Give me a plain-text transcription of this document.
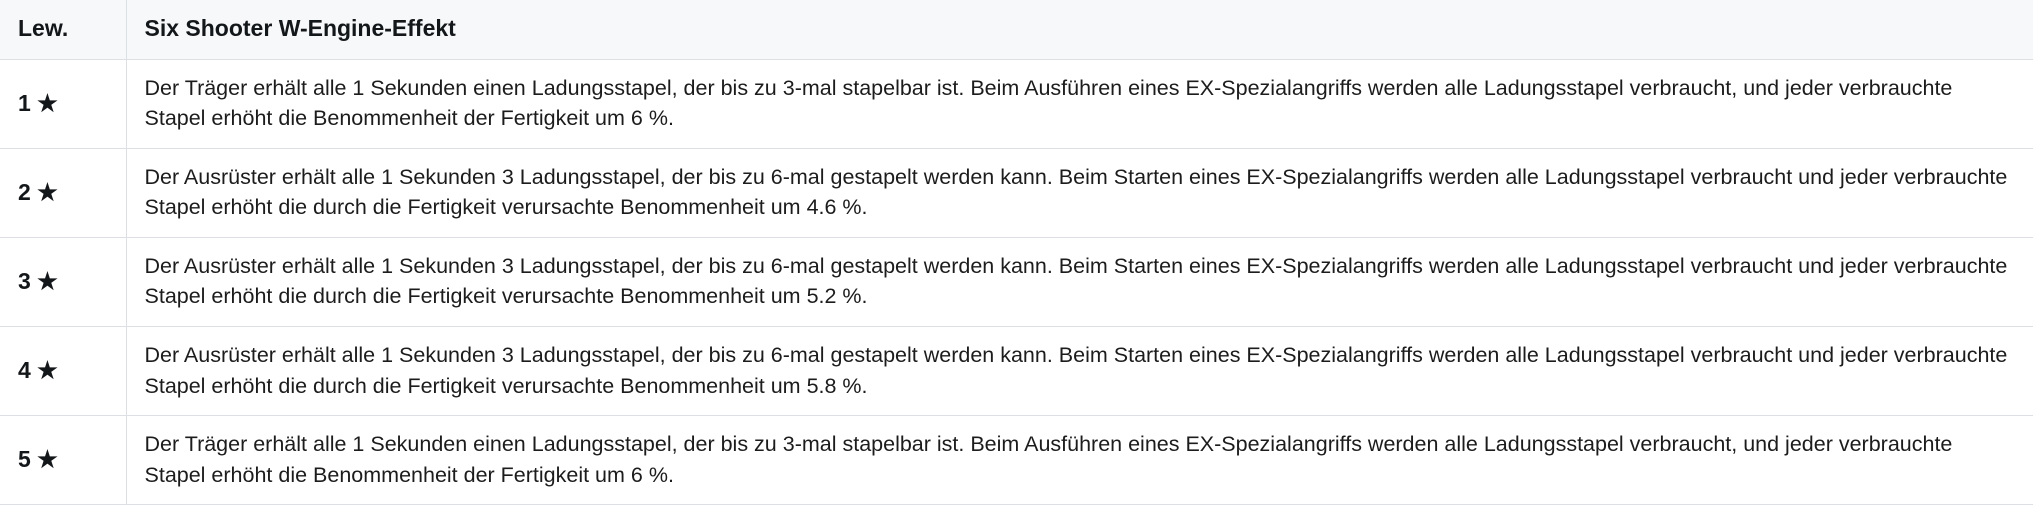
Lew.	Six Shooter W-Engine-Effekt
1 ★	Der Träger erhält alle 1 Sekunden einen Ladungsstapel, der bis zu 3-mal stapelbar ist. Beim Ausführen eines EX-Spezialangriffs werden alle Ladungsstapel verbraucht, und jeder verbrauchte Stapel erhöht die Benommenheit der Fertigkeit um 6 %.
2 ★	Der Ausrüster erhält alle 1 Sekunden 3 Ladungsstapel, der bis zu 6-mal gestapelt werden kann. Beim Starten eines EX-Spezialangriffs werden alle Ladungsstapel verbraucht und jeder verbrauchte Stapel erhöht die durch die Fertigkeit verursachte Benommenheit um 4.6 %.
3 ★	Der Ausrüster erhält alle 1 Sekunden 3 Ladungsstapel, der bis zu 6-mal gestapelt werden kann. Beim Starten eines EX-Spezialangriffs werden alle Ladungsstapel verbraucht und jeder verbrauchte Stapel erhöht die durch die Fertigkeit verursachte Benommenheit um 5.2 %.
4 ★	Der Ausrüster erhält alle 1 Sekunden 3 Ladungsstapel, der bis zu 6-mal gestapelt werden kann. Beim Starten eines EX-Spezialangriffs werden alle Ladungsstapel verbraucht und jeder verbrauchte Stapel erhöht die durch die Fertigkeit verursachte Benommenheit um 5.8 %.
5 ★	Der Träger erhält alle 1 Sekunden einen Ladungsstapel, der bis zu 3-mal stapelbar ist. Beim Ausführen eines EX-Spezialangriffs werden alle Ladungsstapel verbraucht, und jeder verbrauchte Stapel erhöht die Benommenheit der Fertigkeit um 6 %.
